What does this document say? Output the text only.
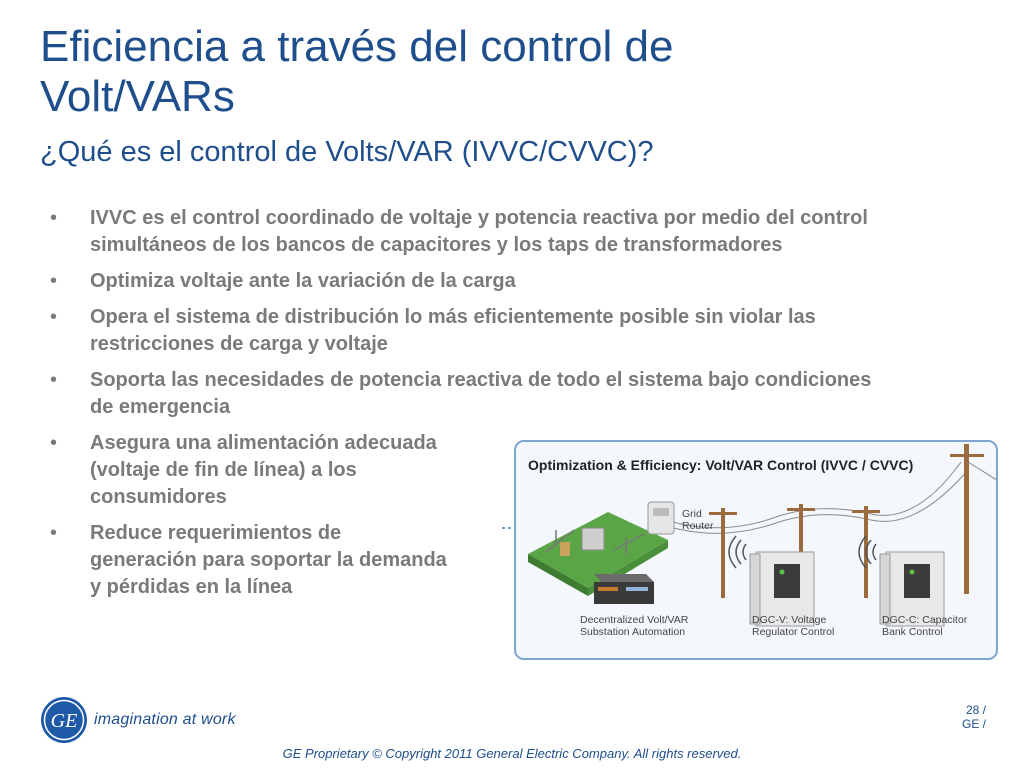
Eficiencia a través del control de
Volt/VARs
¿Qué es el control de Volts/VAR (IVVC/CVVC)?
• IVVC es el control coordinado de voltaje y potencia reactiva por medio del control
simultáneos de los bancos de capacitores y los taps de transformadores
• Optimiza voltaje ante la variación de la carga
• Opera el sistema de distribución lo más eficientemente posible sin violar las
restricciones de carga y voltaje
• Soporta las necesidades de potencia reactiva de todo el sistema bajo condiciones
de emergencia
• Asegura una alimentación adecuada
(voltaje de fin de línea) a los
consumidores
• Reduce requerimientos de
generación para soportar la demanda
y pérdidas en la línea
Optimization & Efficiency: Volt/VAR Control (IVVC / CVVC)
Grid
Router
Decentralized Volt/VAR
Substation Automation
DGC-V: Voltage
Regulator Control
DGC-C: Capacitor
Bank Control
GE imagination at work
28 /
GE /
GE Proprietary © Copyright 2011 General Electric Company. All rights reserved.
